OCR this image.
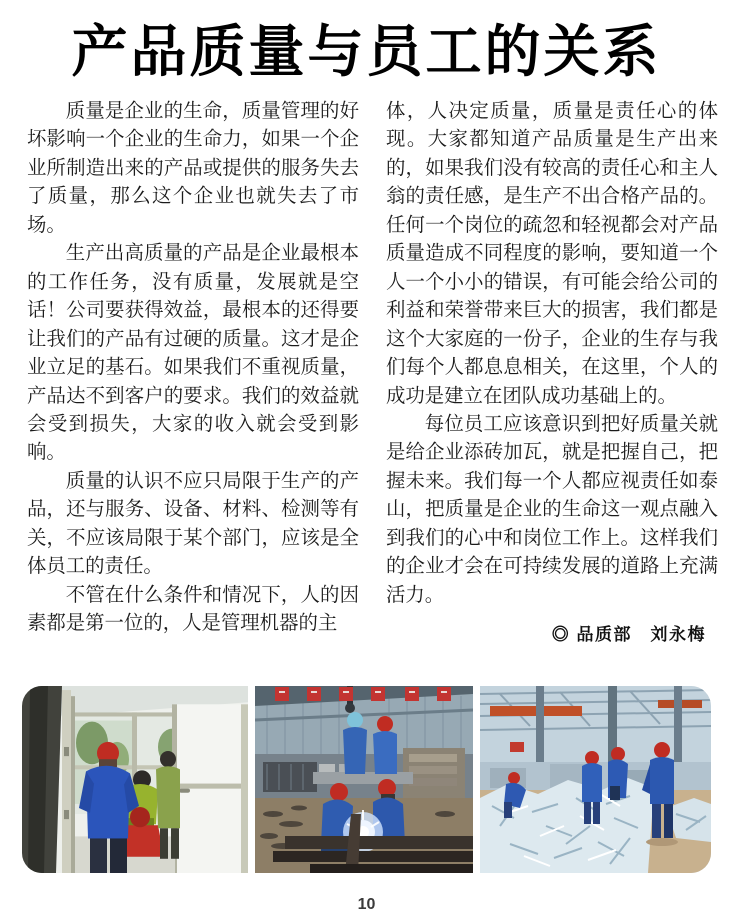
产品质量与员工的关系

质量是企业的生命，质量管理的好坏影响一个企业的生命力，如果一个企业所制造出来的产品或提供的服务失去了质量，那么这个企业也就失去了市场。

生产出高质量的产品是企业最根本的工作任务，没有质量，发展就是空话！公司要获得效益，最根本的还得要让我们的产品有过硬的质量。这才是企业立足的基石。如果我们不重视质量，产品达不到客户的要求。我们的效益就会受到损失，大家的收入就会受到影响。

质量的认识不应只局限于生产的产品，还与服务、设备、材料、检测等有关，不应该局限于某个部门，应该是全体员工的责任。

不管在什么条件和情况下，人的因素都是第一位的，人是管理机器的主

体，人决定质量，质量是责任心的体现。大家都知道产品质量是生产出来的，如果我们没有较高的责任心和主人翁的责任感，是生产不出合格产品的。任何一个岗位的疏忽和轻视都会对产品质量造成不同程度的影响，要知道一个人一个小小的错误，有可能会给公司的利益和荣誉带来巨大的损害，我们都是这个大家庭的一份子，企业的生存与我们每个人都息息相关，在这里，个人的成功是建立在团队成功基础上的。

每位员工应该意识到把好质量关就是给企业添砖加瓦，就是把握自己，把握未来。我们每一个人都应视责任如泰山，把质量是企业的生命这一观点融入到我们的心中和岗位工作上。这样我们的企业才会在可持续发展的道路上充满活力。

◎ 品质部　刘永梅
10
